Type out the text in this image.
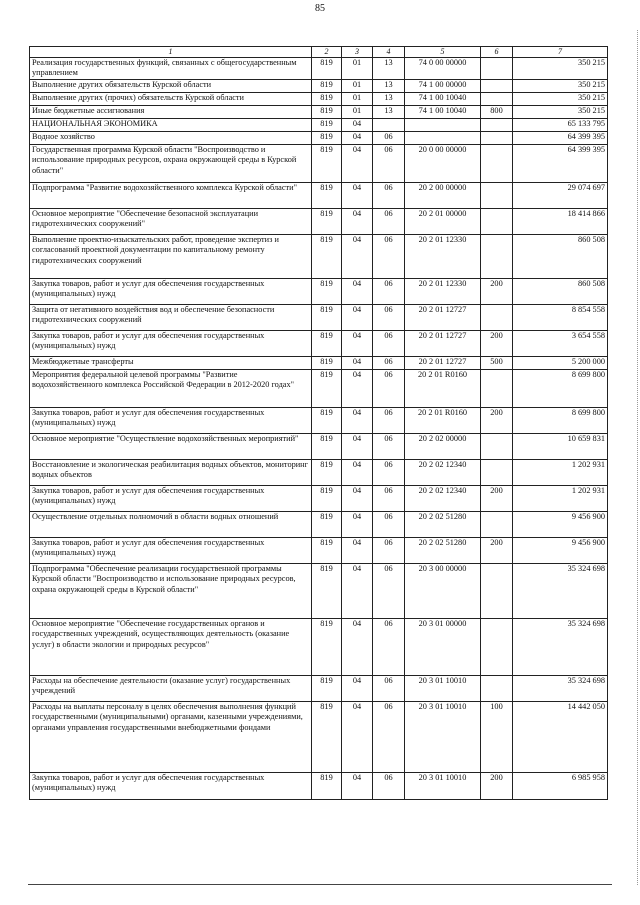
85
1	2	3	4	5	6	7
Реализация государственных функций, связанных с общегосударственным управлением	819	01	13	74 0 00 00000		350 215
Выполнение других обязательств Курской области	819	01	13	74 1 00 00000		350 215
Выполнение других (прочих) обязательств Курской области	819	01	13	74 1 00 10040		350 215
Иные бюджетные ассигнования	819	01	13	74 1 00 10040	800	350 215
НАЦИОНАЛЬНАЯ ЭКОНОМИКА	819	04				65 133 795
Водное хозяйство	819	04	06			64 399 395
Государственная программа Курской области "Воспроизводство и использование природных ресурсов, охрана окружающей среды в Курской области"	819	04	06	20 0 00 00000		64 399 395
Подпрограмма "Развитие водохозяйственного комплекса Курской области"	819	04	06	20 2 00 00000		29 074 697
Основное мероприятие "Обеспечение безопасной эксплуатации гидротехнических сооружений"	819	04	06	20 2 01 00000		18 414 866
Выполнение проектно-изыскательских работ, проведение экспертиз и согласований проектной документации по капитальному ремонту гидротехнических сооружений	819	04	06	20 2 01 12330		860 508
Закупка товаров, работ и услуг для обеспечения государственных (муниципальных) нужд	819	04	06	20 2 01 12330	200	860 508
Защита от негативного воздействия вод и обеспечение безопасности гидротехнических сооружений	819	04	06	20 2 01 12727		8 854 558
Закупка товаров, работ и услуг для обеспечения государственных (муниципальных) нужд	819	04	06	20 2 01 12727	200	3 654 558
Межбюджетные трансферты	819	04	06	20 2 01 12727	500	5 200 000
Мероприятия федеральной целевой программы "Развитие водохозяйственного комплекса Российской Федерации в 2012-2020 годах"	819	04	06	20 2 01 R0160		8 699 800
Закупка товаров, работ и услуг для обеспечения государственных (муниципальных) нужд	819	04	06	20 2 01 R0160	200	8 699 800
Основное мероприятие "Осуществление водохозяйственных мероприятий"	819	04	06	20 2 02 00000		10 659 831
Восстановление и экологическая реабилитация водных объектов, мониторинг водных объектов	819	04	06	20 2 02 12340		1 202 931
Закупка товаров, работ и услуг для обеспечения государственных (муниципальных) нужд	819	04	06	20 2 02 12340	200	1 202 931
Осуществление отдельных полномочий в области водных отношений	819	04	06	20 2 02 51280		9 456 900
Закупка товаров, работ и услуг для обеспечения государственных (муниципальных) нужд	819	04	06	20 2 02 51280	200	9 456 900
Подпрограмма "Обеспечение реализации государственной программы Курской области "Воспроизводство и использование природных ресурсов, охрана окружающей среды в Курской области"	819	04	06	20 3 00 00000		35 324 698
Основное мероприятие "Обеспечение государственных органов и государственных учреждений, осуществляющих деятельность (оказание услуг) в области экологии и природных ресурсов"	819	04	06	20 3 01 00000		35 324 698
Расходы на обеспечение деятельности (оказание услуг) государственных учреждений	819	04	06	20 3 01 10010		35 324 698
Расходы на выплаты персоналу в целях обеспечения выполнения функций государственными (муниципальными) органами, казенными учреждениями, органами управления государственными внебюджетными фондами	819	04	06	20 3 01 10010	100	14 442 050
Закупка товаров, работ и услуг для обеспечения государственных (муниципальных) нужд	819	04	06	20 3 01 10010	200	6 985 958
